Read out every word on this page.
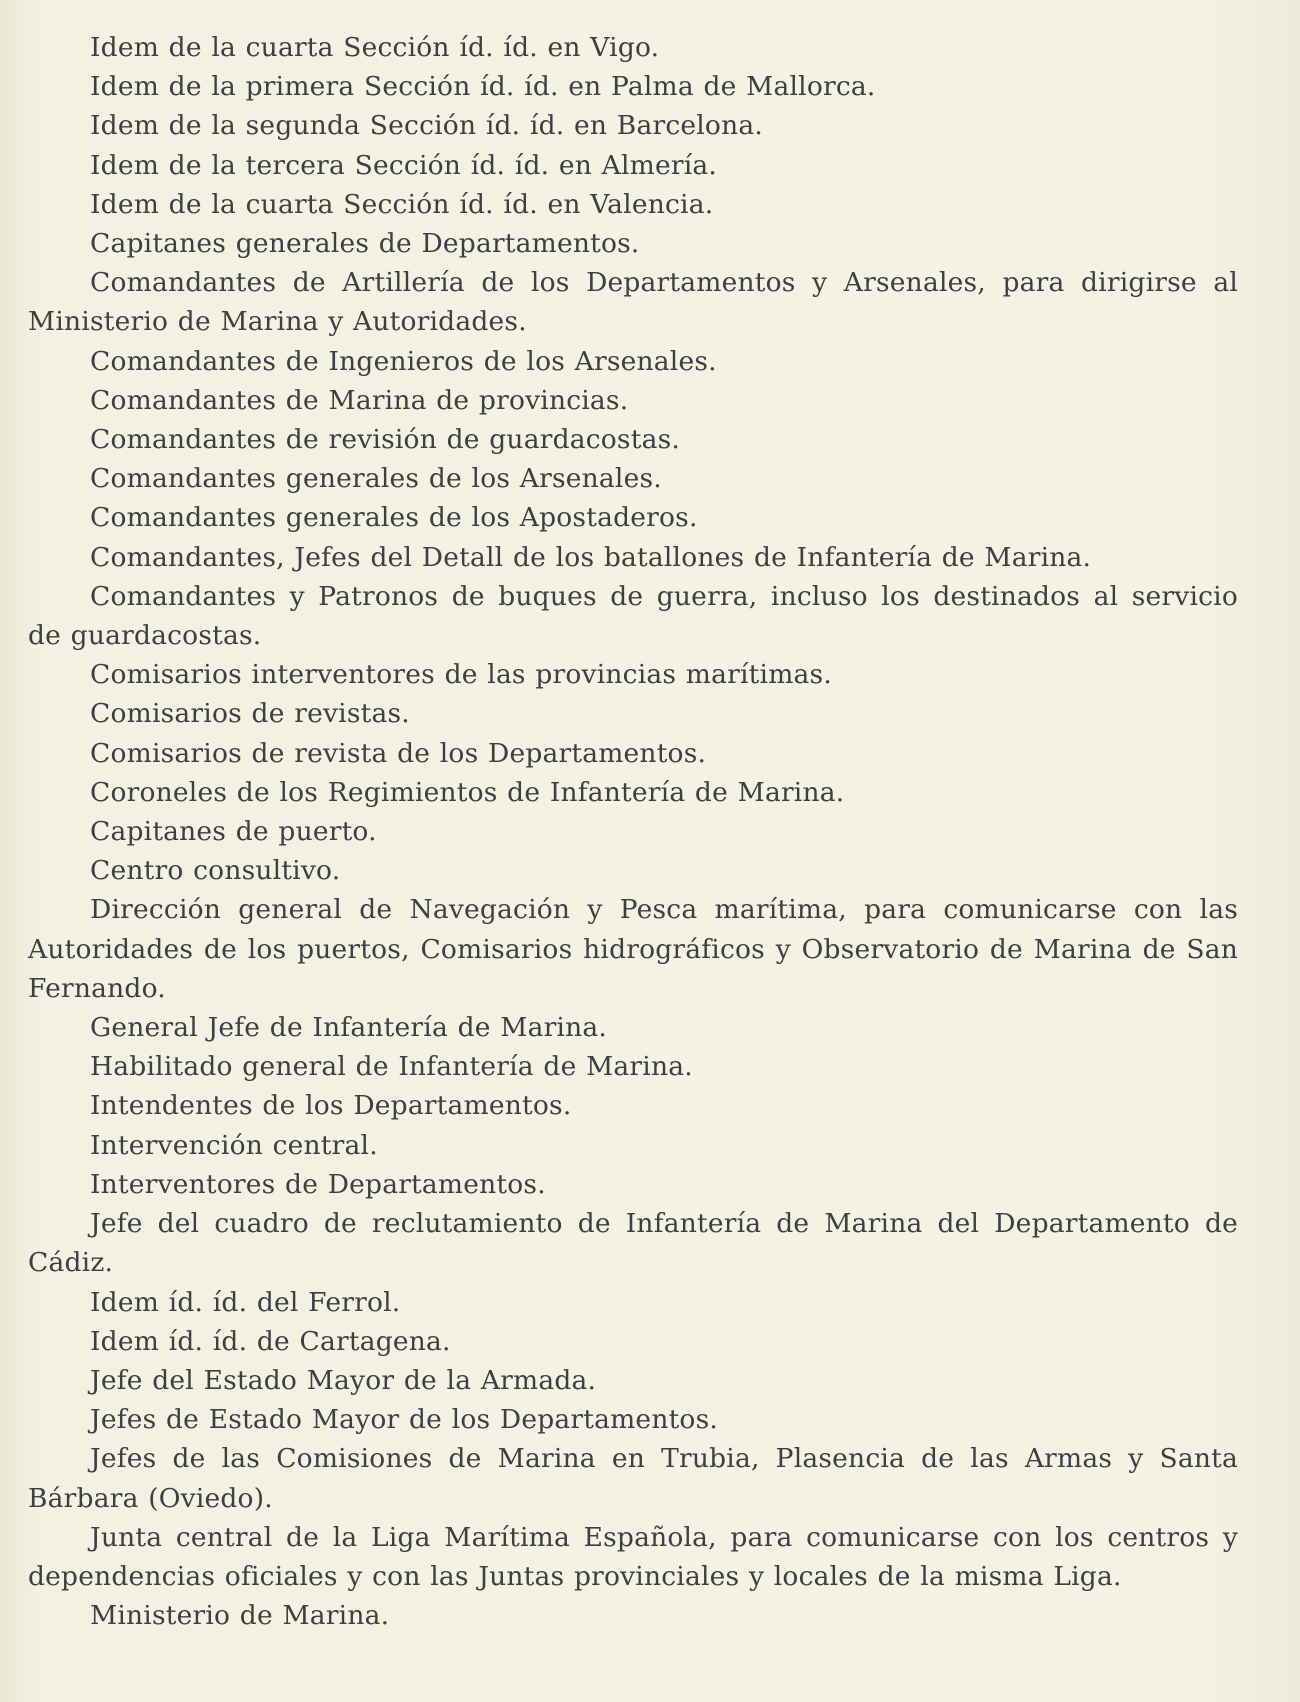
Idem de la cuarta Sección íd. íd. en Vigo.

Idem de la primera Sección íd. íd. en Palma de Mallorca.

Idem de la segunda Sección íd. íd. en Barcelona.

Idem de la tercera Sección íd. íd. en Almería.

Idem de la cuarta Sección íd. íd. en Valencia.

Capitanes generales de Departamentos.

Comandantes de Artillería de los Departamentos y Arsenales, para dirigirse al Ministerio de Marina y Autoridades.

Comandantes de Ingenieros de los Arsenales.

Comandantes de Marina de provincias.

Comandantes de revisión de guardacostas.

Comandantes generales de los Arsenales.

Comandantes generales de los Apostaderos.

Comandantes, Jefes del Detall de los batallones de Infantería de Marina.

Comandantes y Patronos de buques de guerra, incluso los destinados al servicio de guardacostas.

Comisarios interventores de las provincias marítimas.

Comisarios de revistas.

Comisarios de revista de los Departamentos.

Coroneles de los Regimientos de Infantería de Marina.

Capitanes de puerto.

Centro consultivo.

Dirección general de Navegación y Pesca marítima, para comunicarse con las Autoridades de los puertos, Comisarios hidrográficos y Observatorio de Marina de San Fernando.

General Jefe de Infantería de Marina.

Habilitado general de Infantería de Marina.

Intendentes de los Departamentos.

Intervención central.

Interventores de Departamentos.

Jefe del cuadro de reclutamiento de Infantería de Marina del Departamento de Cádiz.

Idem íd. íd. del Ferrol.

Idem íd. íd. de Cartagena.

Jefe del Estado Mayor de la Armada.

Jefes de Estado Mayor de los Departamentos.

Jefes de las Comisiones de Marina en Trubia, Plasencia de las Armas y Santa Bárbara (Oviedo).

Junta central de la Liga Marítima Española, para comunicarse con los centros y dependencias oficiales y con las Juntas provinciales y locales de la misma Liga.

Ministerio de Marina.
